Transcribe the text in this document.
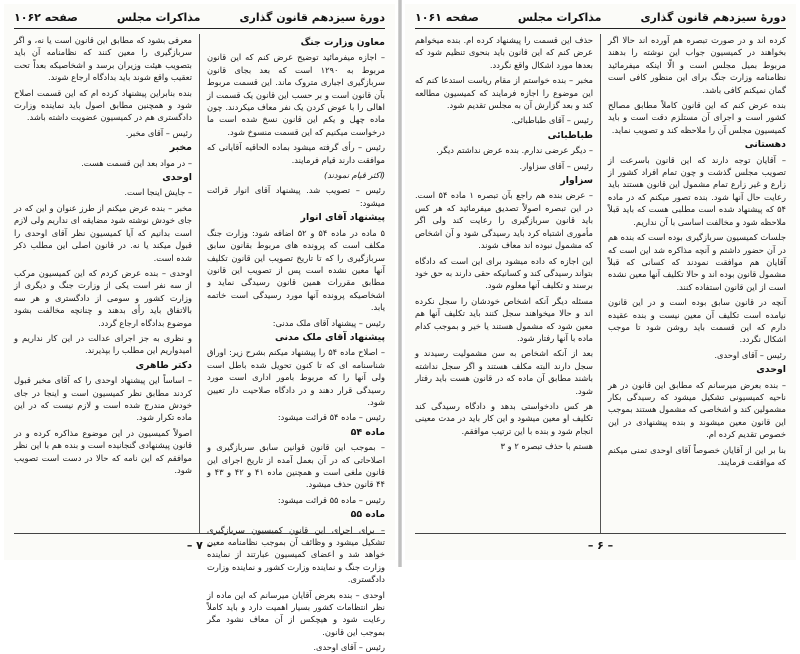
دورهٔ سیزدهم قانون گذاری
مذاکرات مجلس
صفحه ۱۰۶۲

معاون وزارت جنگ

– اجازه میفرمائید توضیح عرض کنم که این قانون مربوط به ۱۲۹۰ است که بعد بجای قانون سربازگیری اجباری متروک ماند. این قسمت مربوط بآن قانون است و بر حسب این قانون یک قسمت از اهالی را با عوض کردن یک نفر معاف میکردند. چون ماده چهل و یکم این قانون نسخ شده است ما درخواست میکنیم که این قسمت منسوخ شود.

رئیس – رأی گرفته میشود بماده الحاقیه آقایانی که موافقت دارند قیام فرمایند.

(اکثر قیام نمودند)

رئیس – تصویب شد. پیشنهاد آقای انوار قرائت میشود:

پیشنهاد آقای انوار

۵ ماده در ماده ۵۴ و ۵۲ اضافه شود: وزارت جنگ مکلف است که پرونده های مربوط بقانون سابق سربازگیری را که تا تاریخ تصویب این قانون تکلیف آنها معین نشده است پس از تصویب این قانون مطابق مقررات همین قانون رسیدگی نماید و اشخاصیکه پرونده آنها مورد رسیدگی است خاتمه یابد.

رئیس – پیشنهاد آقای ملک مدنی:

پیشنهاد آقای ملک مدنی

– اصلاح ماده ۵۴ را پیشنهاد میکنم بشرح زیر: اوراق شناسنامه ای که تا کنون تحویل شده باطل است ولی آنها را که مربوط بامور اداری است مورد رسیدگی قرار دهند و در دادگاه صلاحیت دار تعیین شود.

رئیس – ماده ۵۴ قرائت میشود:

ماده ۵۴

– بموجب این قانون قوانین سابق سربازگیری و اصلاحاتی که در آن بعمل آمده از تاریخ اجرای این قانون ملغی است و همچنین ماده ۴۱ و ۴۲ و ۴۳ و ۴۴ قانون حذف میشود.

رئیس – ماده ۵۵ قرائت میشود:

ماده ۵۵

– برای اجرای این قانون کمیسیون سربازگیری تشکیل میشود و وظائف آن بموجب نظامنامه معین خواهد شد و اعضای کمیسیون عبارتند از نماینده وزارت جنگ و نماینده وزارت کشور و نماینده وزارت دادگستری.

اوحدی – بنده بعرض آقایان میرسانم که این ماده از نظر انتظامات کشور بسیار اهمیت دارد و باید کاملاً رعایت شود و هیچکس از آن معاف نشود مگر بموجب این قانون.

رئیس – آقای اوحدی.

معرفی بشود که مطابق این قانون است یا نه، و اگر سربازگیری را معین کنند که نظامنامه آن باید بتصویب هیئت وزیران برسد و اشخاصیکه بعداً تحت تعقیب واقع شوند باید بدادگاه ارجاع شوند.

بنده بنابراین پیشنهاد کرده ام که این قسمت اصلاح شود و همچنین مطابق اصول باید نماینده وزارت دادگستری هم در کمیسیون عضویت داشته باشد.

رئیس – آقای مخبر.

مخبر

– در مواد بعد این قسمت هست.

اوحدی

– جایش اینجا است.

مخبر – بنده عرض میکنم از طرز عنوان و این که در جای خودش نوشته شود مضایقه ای نداریم ولی لازم است بدانیم که آیا کمیسیون نظر آقای اوحدی را قبول میکند یا نه. در قانون اصلی این مطلب ذکر شده است.

اوحدی – بنده عرض کردم که این کمیسیون مرکب از سه نفر است یکی از وزارت جنگ و دیگری از وزارت کشور و سومی از دادگستری و هر سه بالاتفاق باید رأی بدهند و چنانچه مخالفت بشود موضوع بدادگاه ارجاع گردد.

و نظری به جز اجرای عدالت در این کار نداریم و امیدواریم این مطلب را بپذیرند.

دکتر طاهری

– اساساً این پیشنهاد اوحدی را که آقای مخبر قبول کردند مطابق نظر کمیسیون است و اینجا در جای خودش مندرج شده است و لازم نیست که در این ماده تکرار شود.

اصولاً کمیسیون در این موضوع مذاکره کرده و در قانون پیشنهادی گنجانیده است و بنده هم با این نظر موافقم که این نامه که حالا در دست است تصویب شود.

– ۷ –
دورهٔ سیزدهم قانون گذاری
مذاکرات مجلس
صفحه ۱۰۶۱

کرده اند و در صورت تبصره هم آورده اند حالا اگر بخواهند در کمیسیون جواب این نوشته را بدهند مربوط بمیل مجلس است و الّا اینکه میفرمائید نظامنامه وزارت جنگ برای این منظور کافی است گمان نمیکنم کافی باشد.

بنده عرض کنم که این قانون کاملاً مطابق مصالح کشور است و اجرای آن مستلزم دقت است و باید کمیسیون مجلس آن را ملاحظه کند و تصویب نماید.

دهستانی

– آقایان توجه دارند که این قانون باسرعت از تصویب مجلس گذشت و چون تمام افراد کشور از زارع و غیر زارع تمام مشمول این قانون هستند باید رعایت حال آنها شود. بنده تصور میکنم که در ماده ۵۴ که پیشنهاد شده است مطلبی هست که باید قبلاً ملاحظه شود و مخالفت اساسی با آن نداریم.

جلسات کمیسیون سربازگیری بوده است که بنده هم در آن حضور داشتم و آنچه مذاکره شد این است که آقایان هم موافقت نمودند که کسانی که قبلاً مشمول قانون بوده اند و حالا تکلیف آنها معین نشده است از این قانون استفاده کنند.

آنچه در قانون سابق بوده است و در این قانون نیامده است تکلیف آن معین نیست و بنده عقیده دارم که این قسمت باید روشن شود تا موجب اشکال نگردد.

رئیس – آقای اوحدی.

اوحدی

– بنده بعرض میرسانم که مطابق این قانون در هر ناحیه کمیسیونی تشکیل میشود که رسیدگی بکار مشمولین کند و اشخاصی که مشمول هستند بموجب این قانون معین میشوند و بنده پیشنهادی در این خصوص تقدیم کرده ام.

بنا بر این از آقایان خصوصاً آقای اوحدی تمنی میکنم که موافقت فرمایند.

حذف این قسمت را پیشنهاد کرده ام. بنده میخواهم عرض کنم که این قانون باید بنحوی تنظیم شود که بعدها مورد اشکال واقع نگردد.

مخبر – بنده خواستم از مقام ریاست استدعا کنم که این موضوع را اجازه فرمایند که کمیسیون مطالعه کند و بعد گزارش آن به مجلس تقدیم شود.

رئیس – آقای طباطبائی.

طباطبائی

– دیگر عرضی ندارم. بنده عرض نداشتم دیگر.

رئیس – آقای سزاوار.

سزاوار

– عرض بنده هم راجع بآن تبصره ۱ ماده ۵۴ است. در این تبصره اصولاً تصدیق میفرمائید که هر کس باید قانون سربازگیری را رعایت کند ولی اگر مأموری اشتباه کرد باید رسیدگی شود و آن اشخاص که مشمول نبوده اند معاف شوند.

این اجازه که داده میشود برای این است که دادگاه بتواند رسیدگی کند و کسانیکه حقی دارند به حق خود برسند و تکلیف آنها معلوم شود.

مسئله دیگر آنکه اشخاص خودشان را سجل نکرده اند و حالا میخواهند سجل کنند باید تکلیف آنها هم معین شود که مشمول هستند یا خیر و بموجب کدام ماده با آنها رفتار شود.

بعد از آنکه اشخاص به سن مشمولیت رسیدند و سجل دارند البته مکلف هستند و اگر سجل نداشته باشند مطابق آن ماده که در قانون هست باید رفتار شود.

هر کس دادخواستی بدهد و دادگاه رسیدگی کند تکلیف او معین میشود و این کار باید در مدت معینی انجام شود و بنده با این ترتیب موافقم.

هستم با حذف تبصره ۲ و ۳

– ۶ –
